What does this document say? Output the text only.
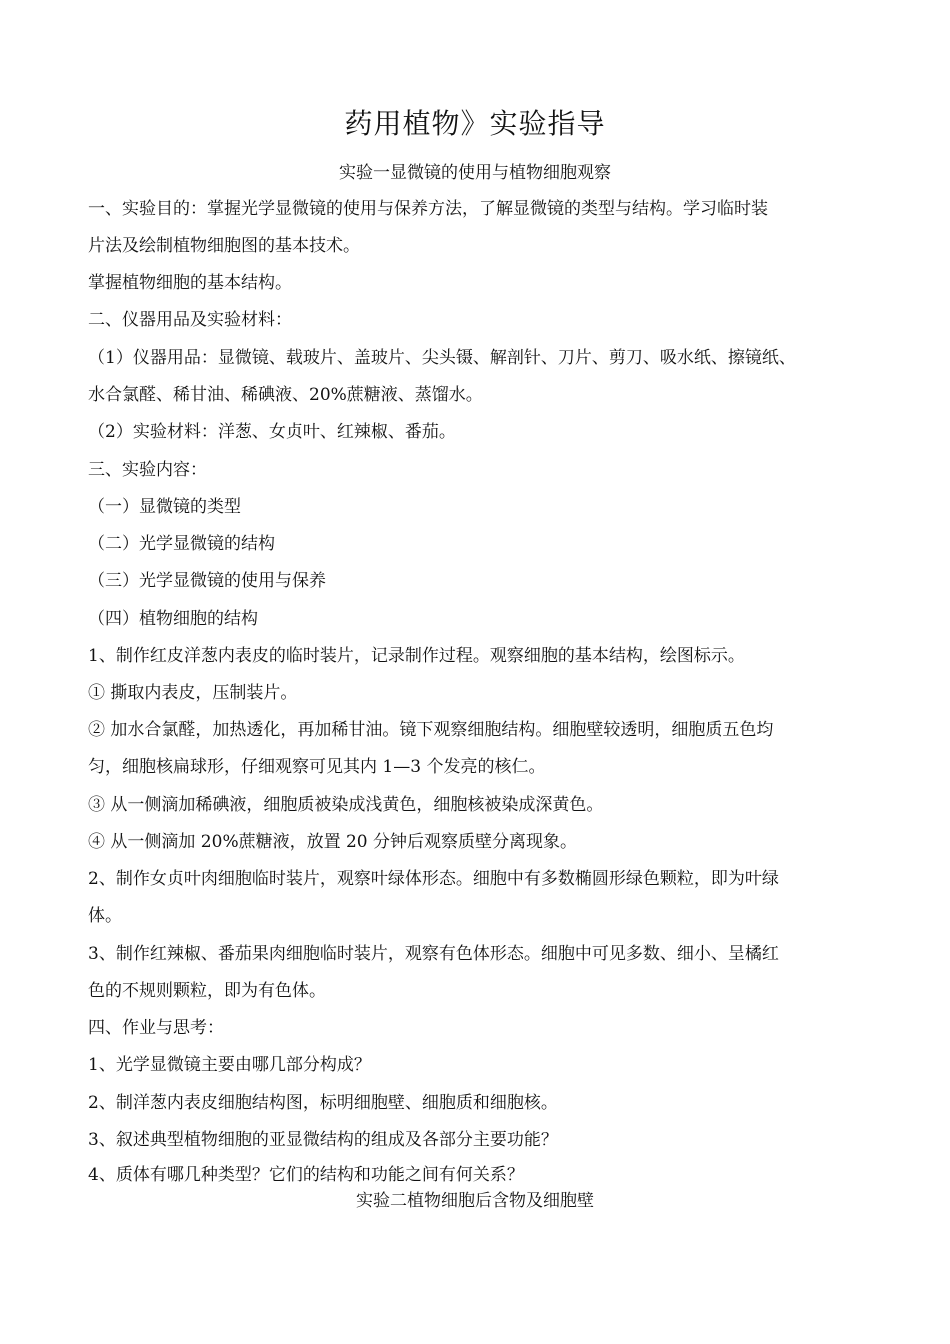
药用植物》实验指导
实验一显微镜的使用与植物细胞观察
一、实验目的：掌握光学显微镜的使用与保养方法，了解显微镜的类型与结构。学习临时装
片法及绘制植物细胞图的基本技术。
掌握植物细胞的基本结构。
二、仪器用品及实验材料：
（1）仪器用品：显微镜、载玻片、盖玻片、尖头镊、解剖针、刀片、剪刀、吸水纸、擦镜纸、
水合氯醛、稀甘油、稀碘液、20%蔗糖液、蒸馏水。
（2）实验材料：洋葱、女贞叶、红辣椒、番茄。
三、实验内容：
（一）显微镜的类型
（二）光学显微镜的结构
（三）光学显微镜的使用与保养
（四）植物细胞的结构
1、制作红皮洋葱内表皮的临时装片，记录制作过程。观察细胞的基本结构，绘图标示。
① 撕取内表皮，压制装片。
② 加水合氯醛，加热透化，再加稀甘油。镜下观察细胞结构。细胞壁较透明，细胞质五色均
匀，细胞核扁球形，仔细观察可见其内 1—3 个发亮的核仁。
③ 从一侧滴加稀碘液，细胞质被染成浅黄色，细胞核被染成深黄色。
④ 从一侧滴加 20%蔗糖液，放置 20 分钟后观察质壁分离现象。
2、制作女贞叶肉细胞临时装片，观察叶绿体形态。细胞中有多数椭圆形绿色颗粒，即为叶绿
体。
3、制作红辣椒、番茄果肉细胞临时装片，观察有色体形态。细胞中可见多数、细小、呈橘红
色的不规则颗粒，即为有色体。
四、作业与思考：
1、光学显微镜主要由哪几部分构成？
2、制洋葱内表皮细胞结构图，标明细胞壁、细胞质和细胞核。
3、叙述典型植物细胞的亚显微结构的组成及各部分主要功能？
4、质体有哪几种类型？它们的结构和功能之间有何关系？
实验二植物细胞后含物及细胞壁
